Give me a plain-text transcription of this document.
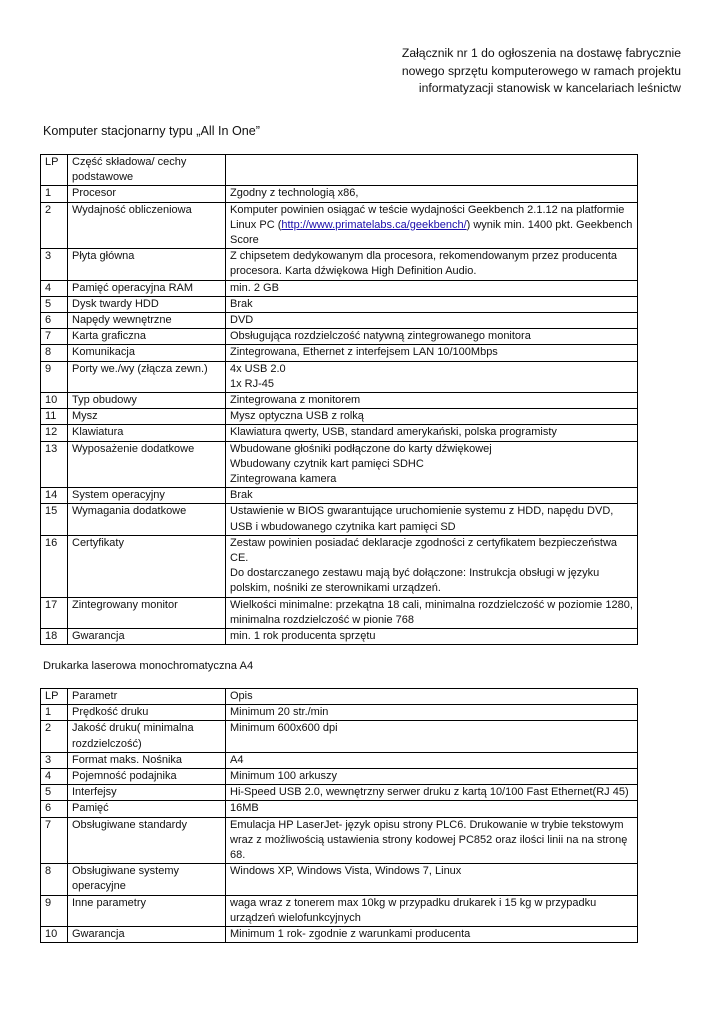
Załącznik nr 1 do ogłoszenia na dostawę fabrycznie
nowego sprzętu komputerowego w ramach projektu
informatyzacji stanowisk w kancelariach leśnictw
Komputer stacjonarny typu „All In One”
LP	Część składowa/ cechy podstawowe	
1	Procesor	Zgodny z technologią x86,
2	Wydajność obliczeniowa	Komputer powinien osiągać w teście wydajności Geekbench 2.1.12 na platformie Linux PC (http://www.primatelabs.ca/geekbench/) wynik min. 1400 pkt. Geekbench Score
3	Płyta główna	Z chipsetem dedykowanym dla procesora, rekomendowanym przez producenta procesora. Karta dźwiękowa High Definition Audio.
4	Pamięć operacyjna RAM	min. 2 GB
5	Dysk twardy HDD	Brak
6	Napędy wewnętrzne	DVD
7	Karta graficzna	Obsługująca rozdzielczość natywną zintegrowanego monitora
8	Komunikacja	Zintegrowana, Ethernet z interfejsem LAN 10/100Mbps
9	Porty we./wy (złącza zewn.)	4x USB 2.0
1x RJ-45

10	Typ obudowy	Zintegrowana z monitorem
11	Mysz	Mysz optyczna USB z rolką
12	Klawiatura	Klawiatura qwerty, USB, standard amerykański, polska programisty
13	Wyposażenie dodatkowe	Wbudowane głośniki podłączone do karty dźwiękowej
Wbudowany czytnik kart pamięci SDHC
Zintegrowana kamera

14	System operacyjny	Brak
15	Wymagania dodatkowe	Ustawienie w BIOS gwarantujące uruchomienie systemu z HDD, napędu DVD, USB i wbudowanego czytnika kart pamięci SD
16	Certyfikaty	Zestaw powinien posiadać deklaracje zgodności z certyfikatem bezpieczeństwa CE.
Do dostarczanego zestawu mają być dołączone: Instrukcja obsługi w języku polskim, nośniki ze sterownikami urządzeń.

17	Zintegrowany monitor	Wielkości minimalne: przekątna 18 cali, minimalna rozdzielczość w poziomie 1280, minimalna rozdzielczość w pionie 768
18	Gwarancja	min. 1 rok producenta sprzętu
Drukarka laserowa monochromatyczna A4
LP	Parametr	Opis
1	Prędkość druku	Minimum 20 str./min
2	Jakość druku( minimalna rozdzielczość)	Minimum 600x600 dpi
3	Format maks. Nośnika	A4
4	Pojemność podajnika	Minimum 100 arkuszy
5	Interfejsy	Hi-Speed USB 2.0, wewnętrzny serwer druku z kartą 10/100 Fast Ethernet(RJ 45)
6	Pamięć	16MB
7	Obsługiwane standardy	Emulacja HP LaserJet- język opisu strony PLC6. Drukowanie w trybie tekstowym wraz z możliwością ustawienia strony kodowej PC852 oraz ilości linii na na stronę 68.
8	Obsługiwane systemy operacyjne	Windows XP, Windows Vista, Windows 7, Linux
9	Inne parametry	waga wraz z tonerem max 10kg w przypadku drukarek i 15 kg w przypadku urządzeń wielofunkcyjnych
10	Gwarancja	Minimum 1 rok- zgodnie z warunkami producenta
